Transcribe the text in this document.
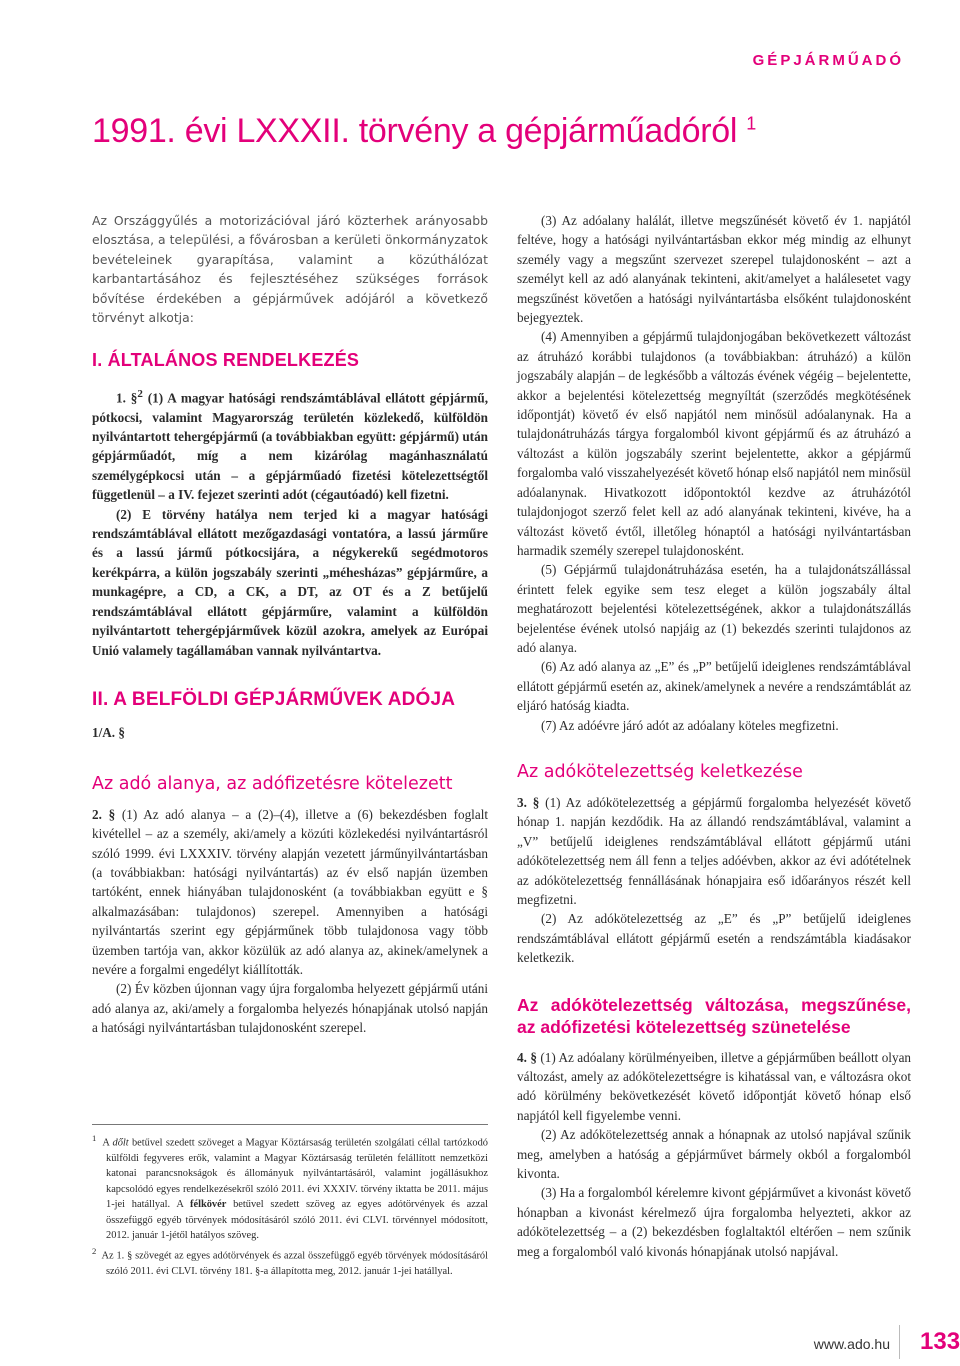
GÉPJÁRMŰADÓ
1991. évi LXXXII. törvény a gépjárműadóról $^1$

Az Országgyűlés a motorizációval járó közterhek arányosabb elosztása, a települési, a fővárosban a kerületi önkormányzatok bevételeinek gyarapítása, valamint a közúthálózat karbantartásához és fejlesztéséhez szükséges források bővítése érdekében a gépjárművek adójáról a következő törvényt alkotja:

I. ÁLTALÁNOS RENDELKEZÉS

1. §$^2$ (1) A magyar hatósági rendszámtáblával ellátott gépjármű, pótkocsi, valamint Magyarország területén közlekedő, külföldön nyilvántartott tehergépjármű (a továbbiakban együtt: gépjármű) után gépjárműadót, míg a nem kizárólag magánhasználatú személygépkocsi után – a gépjárműadó fizetési kötelezettségtől függetlenül – a IV. fejezet szerinti adót (cégautóadó) kell fizetni.

(2) E törvény hatálya nem terjed ki a magyar hatósági rendszámtáblával ellátott mezőgazdasági vontatóra, a lassú járműre és a lassú jármű pótkocsijára, a négykerekű segédmotoros kerékpárra, a külön jogszabály szerinti „méhesházas” gépjárműre, a munkagépre, a CD, a CK, a DT, az OT és a Z betűjelű rendszámtáblával ellátott gépjárműre, valamint a külföldön nyilvántartott tehergépjárművek közül azokra, amelyek az Európai Unió valamely tagállamában vannak nyilvántartva.

II. A BELFÖLDI GÉPJÁRMŰVEK ADÓJA

1/A. §

Az adó alanya, az adófizetésre kötelezett

2. § (1) Az adó alanya – a (2)–(4), illetve a (6) bekezdésben foglalt kivétellel – az a személy, aki/amely a közúti közlekedési nyilvántartásról szóló 1999. évi LXXXIV. törvény alapján vezetett járműnyilvántartásban (a továbbiakban: hatósági nyilvántartás) az év első napján üzemben tartóként, ennek hiányában tulajdonosként (a továbbiakban együtt e § alkalmazásában: tulajdonos) szerepel. Amennyiben a hatósági nyilvántartás szerint egy gépjárműnek több tulajdonosa vagy több üzemben tartója van, akkor közülük az adó alanya az, akinek/amelynek a nevére a forgalmi engedélyt kiállították.

(2) Év közben újonnan vagy újra forgalomba helyezett gépjármű utáni adó alanya az, aki/amely a forgalomba helyezés hónapjának utolsó napján a hatósági nyilvántartásban tulajdonosként szerepel.

(3) Az adóalany halálát, illetve megszűnését követő év 1. napjától feltéve, hogy a hatósági nyilvántartásban ekkor még mindig az elhunyt személy vagy a megszűnt szervezet szerepel tulajdonosként – azt a személyt kell az adó alanyának tekinteni, akit/amelyet a halálesetet vagy megszűnést követően a hatósági nyilvántartásba elsőként tulajdonosként bejegyeztek.

(4) Amennyiben a gépjármű tulajdonjogában bekövetkezett változást az átruházó korábbi tulajdonos (a továbbiakban: átruházó) a külön jogszabály alapján – de legkésőbb a változás évének végéig – bejelentette, akkor a bejelentési kötelezettség megnyíltát (szerződés megkötésének időpontját) követő év első napjától nem minősül adóalanynak. Ha a tulajdonátruházás tárgya forgalomból kivont gépjármű és az átruházó a változást a külön jogszabály szerint bejelentette, akkor a gépjármű forgalomba való visszahelyezését követő hónap első napjától nem minősül adóalanynak. Hivatkozott időpontoktól kezdve az átruházótól tulajdonjogot szerző felet kell az adó alanyának tekinteni, kivéve, ha a változást követő évtől, illetőleg hónaptól a hatósági nyilvántartásban harmadik személy szerepel tulajdonosként.

(5) Gépjármű tulajdonátruházása esetén, ha a tulajdonátszállással érintett felek egyike sem tesz eleget a külön jogszabály által meghatározott bejelentési kötelezettségének, akkor a tulajdonátszállás bejelentése évének utolsó napjáig az (1) bekezdés szerinti tulajdonos az adó alanya.

(6) Az adó alanya az „E” és „P” betűjelű ideiglenes rendszámtáblával ellátott gépjármű esetén az, akinek/amelynek a nevére a rendszámtáblát az eljáró hatóság kiadta.

(7) Az adóévre járó adót az adóalany köteles megfizetni.

Az adókötelezettség keletkezése

3. § (1) Az adókötelezettség a gépjármű forgalomba helyezését követő hónap 1. napján kezdődik. Ha az állandó rendszámtáblával, valamint a „V” betűjelű ideiglenes rendszámtáblával ellátott gépjármű utáni adókötelezettség nem áll fenn a teljes adóévben, akkor az évi adótételnek az adókötelezettség fennállásának hónapjaira eső időarányos részét kell megfizetni.

(2) Az adókötelezettség az „E” és „P” betűjelű ideiglenes rendszámtáblával ellátott gépjármű esetén a rendszámtábla kiadásakor keletkezik.

Az adókötelezettség változása, megszűnése, az adófizetési kötelezettség szünetelése

4. § (1) Az adóalany körülményeiben, illetve a gépjárműben beállott olyan változást, amely az adókötelezettségre is kihatással van, e változásra okot adó körülmény bekövetkezését követő időpontját követő hónap első napjától kell figyelembe venni.

(2) Az adókötelezettség annak a hónapnak az utolsó napjával szűnik meg, amelyben a hatóság a gépjárművet bármely okból a forgalomból kivonta.

(3) Ha a forgalomból kérelemre kivont gépjárművet a kivonást követő hónapban a kivonást kérelmező újra forgalomba helyezteti, akkor az adókötelezettség – a (2) bekezdésben foglaltaktól eltérően – nem szűnik meg a forgalomból való kivonás hónapjának utolsó napjával.

$^1$ A dőlt betűvel szedett szöveget a Magyar Köztársaság területén szolgálati céllal tartózkodó külföldi fegyveres erők, valamint a Magyar Köztársaság területén felállított nemzetközi katonai parancsnokságok és állományuk nyilvántartásáról, valamint jogállásukhoz kapcsolódó egyes rendelkezésekről szóló 2011. évi XXXIV. törvény iktatta be 2011. május 1-jei hatállyal. A félkövér betűvel szedett szöveg az egyes adótörvények és azzal összefüggő egyéb törvények módosításáról szóló 2011. évi CLVI. törvénnyel módosított, 2012. január 1-jétől hatályos szöveg.

$^2$ Az 1. § szövegét az egyes adótörvények és azzal összefüggő egyéb törvények módosításáról szóló 2011. évi CLVI. törvény 181. §-a állapította meg, 2012. január 1-jei hatállyal.

www.ado.hu 133
